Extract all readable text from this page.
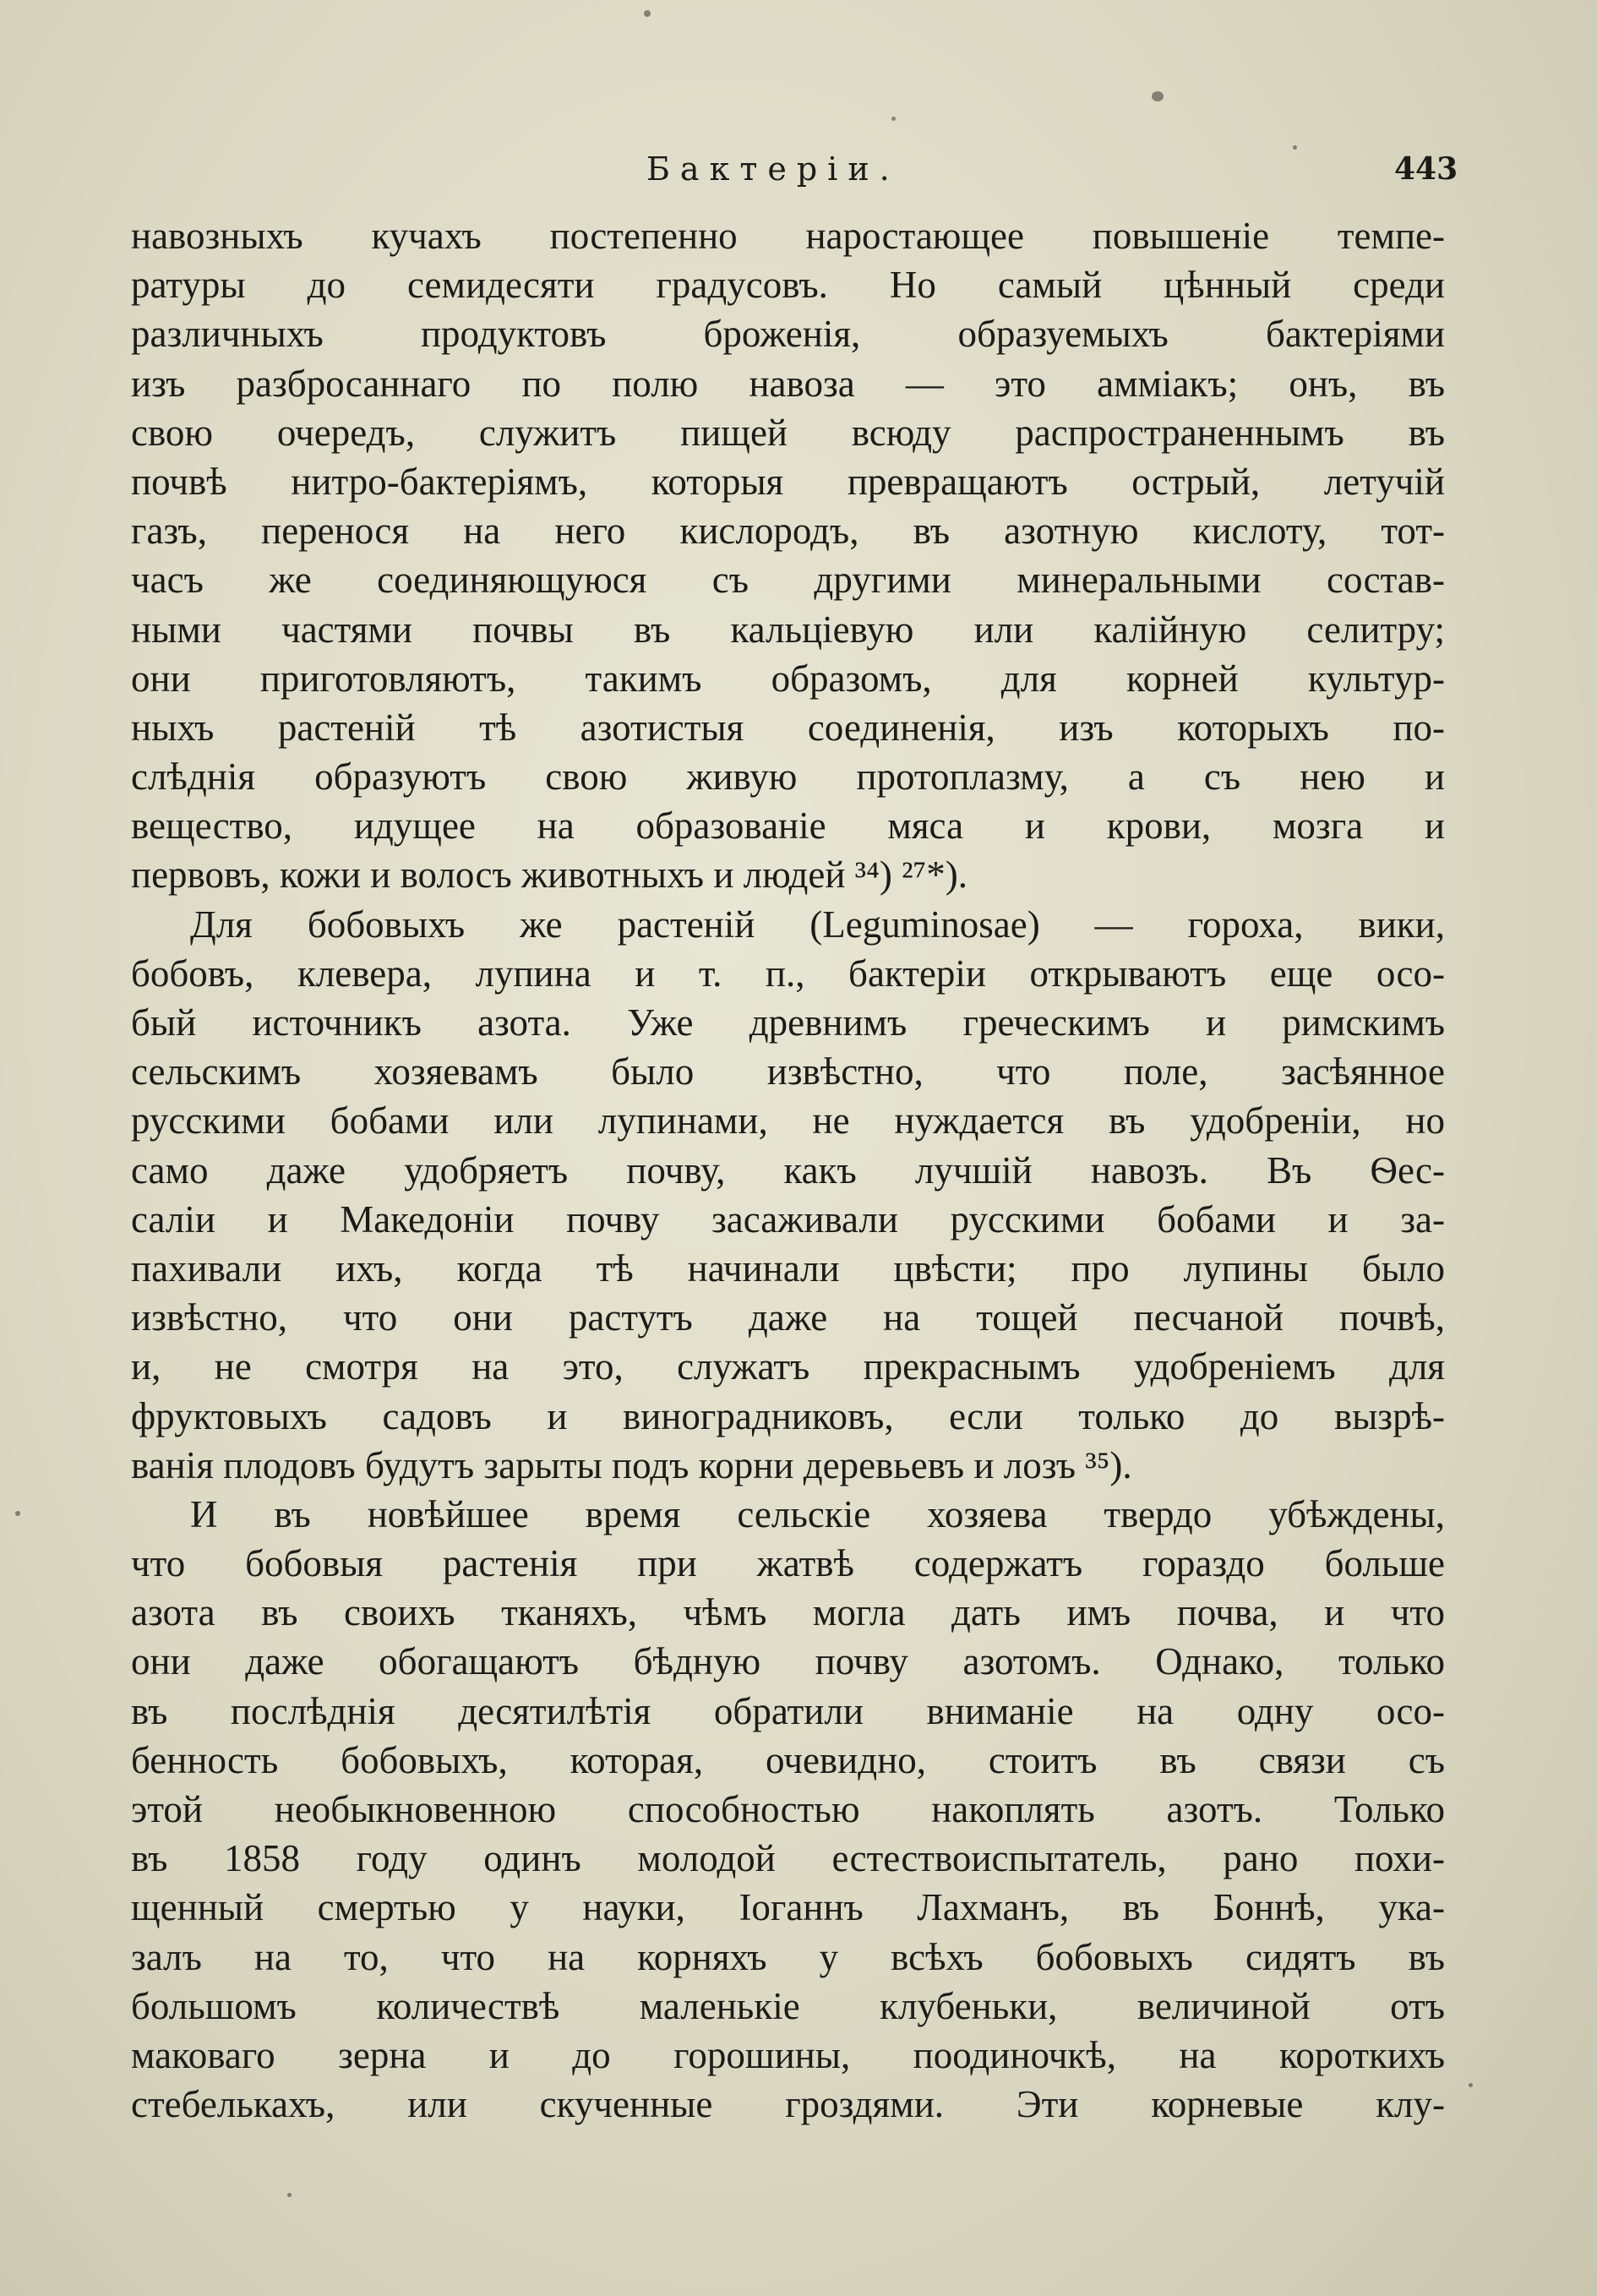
Бактеріи.	443
навозныхъ кучахъ постепенно наростающее повышеніе темпе-
ратуры до семидесяти градусовъ. Но самый цѣнный среди
различныхъ продуктовъ броженія, образуемыхъ бактеріями
изъ разбросаннаго по полю навоза — это амміакъ; онъ, въ
свою очередъ, служитъ пищей всюду распространеннымъ въ
почвѣ нитро-бактеріямъ, которыя превращаютъ острый, летучій
газъ, перенося на него кислородъ, въ азотную кислоту, тот-
часъ же соединяющуюся съ другими минеральными состав-
ными частями почвы въ кальціевую или калійную селитру;
они приготовляютъ, такимъ образомъ, для корней культур-
ныхъ растеній тѣ азотистыя соединенія, изъ которыхъ по-
слѣднія образуютъ свою живую протоплазму, а съ нею и
вещество, идущее на образованіе мяса и крови, мозга и
первовъ, кожи и волосъ животныхъ и людей ³⁴) ²⁷*).
Для бобовыхъ же растеній (Leguminosae) — гороха, вики,
бобовъ, клевера, лупина и т. п., бактеріи открываютъ еще осо-
бый источникъ азота. Уже древнимъ греческимъ и римскимъ
сельскимъ хозяевамъ было извѣстно, что поле, засѣянное
русскими бобами или лупинами, не нуждается въ удобреніи, но
само даже удобряетъ почву, какъ лучшій навозъ. Въ Ѳес-
саліи и Македоніи почву засаживали русскими бобами и за-
пахивали ихъ, когда тѣ начинали цвѣсти; про лупины было
извѣстно, что они растутъ даже на тощей песчаной почвѣ,
и, не смотря на это, служатъ прекраснымъ удобреніемъ для
фруктовыхъ садовъ и виноградниковъ, если только до вызрѣ-
ванія плодовъ будутъ зарыты подъ корни деревьевъ и лозъ ³⁵).
И въ новѣйшее время сельскіе хозяева твердо убѣждены,
что бобовыя растенія при жатвѣ содержатъ гораздо больше
азота въ своихъ тканяхъ, чѣмъ могла дать имъ почва, и что
они даже обогащаютъ бѣдную почву азотомъ. Однако, только
въ послѣднія десятилѣтія обратили вниманіе на одну осо-
бенность бобовыхъ, которая, очевидно, стоитъ въ связи съ
этой необыкновенною способностью накоплять азотъ. Только
въ 1858 году одинъ молодой естествоиспытатель, рано похи-
щенный смертью у науки, Іоганнъ Лахманъ, въ Боннѣ, ука-
залъ на то, что на корняхъ у всѣхъ бобовыхъ сидятъ въ
большомъ количествѣ маленькіе клубеньки, величиной отъ
маковаго зерна и до горошины, поодиночкѣ, на короткихъ
стебелькахъ, или скученные гроздями. Эти корневые клу-
